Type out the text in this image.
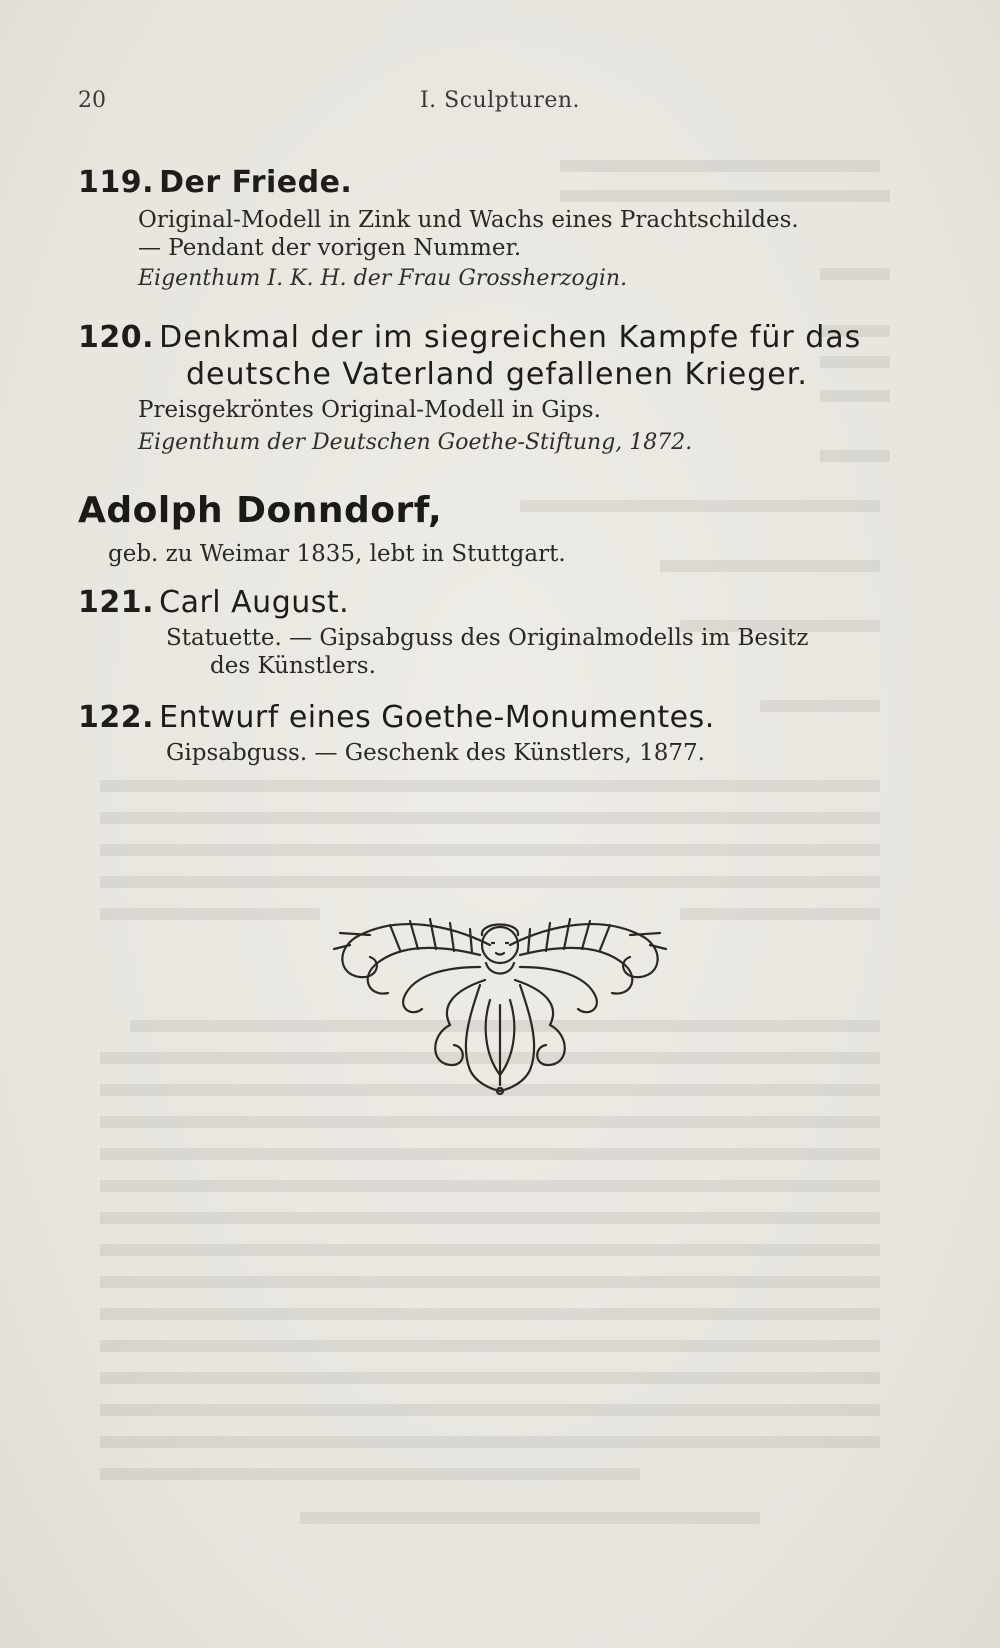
20	I. Sculpturen.
119. Der Friede.
Original-Modell in Zink und Wachs eines Prachtschildes.
— Pendant der vorigen Nummer.
Eigenthum I. K. H. der Frau Grossherzogin.
120. Denkmal der im siegreichen Kampfe für das
deutsche Vaterland gefallenen Krieger.
Preisgekröntes Original-Modell in Gips.
Eigenthum der Deutschen Goethe-Stiftung, 1872.
Adolph Donndorf,
geb. zu Weimar 1835, lebt in Stuttgart.
121. Carl August.
Statuette. — Gipsabguss des Originalmodells im Besitz
des Künstlers.
122. Entwurf eines Goethe-Monumentes.
Gipsabguss. — Geschenk des Künstlers, 1877.
